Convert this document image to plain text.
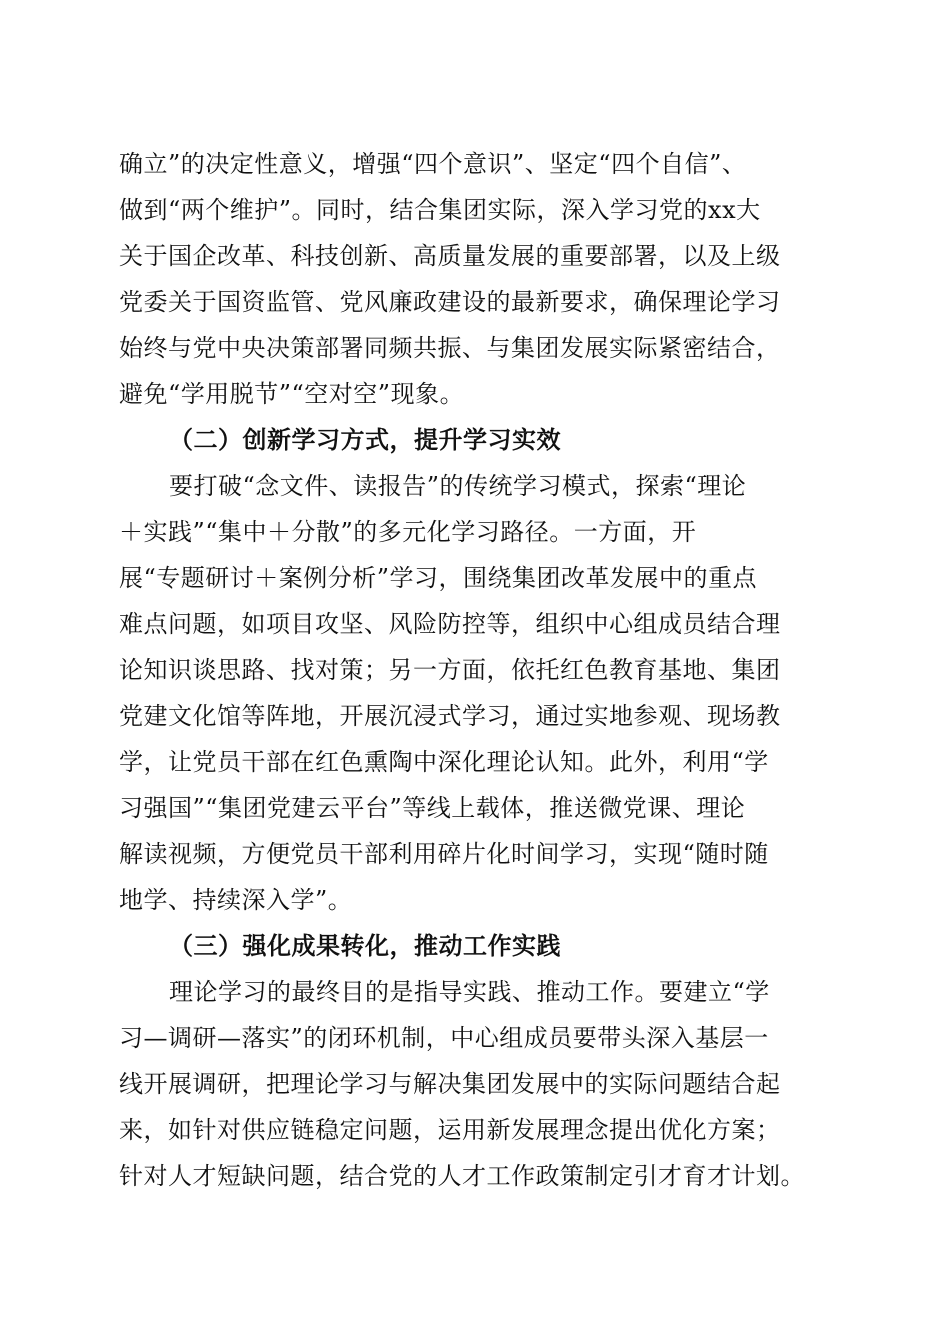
确立”的决定性意义，增强“四个意识”、坚定“四个自信”、
做到“两个维护”。同时，结合集团实际，深入学习党的xx大
关于国企改革、科技创新、高质量发展的重要部署，以及上级
党委关于国资监管、党风廉政建设的最新要求，确保理论学习
始终与党中央决策部署同频共振、与集团发展实际紧密结合，
避免“学用脱节”“空对空”现象。
（二）创新学习方式，提升学习实效
要打破“念文件、读报告”的传统学习模式，探索“理论
＋实践”“集中＋分散”的多元化学习路径。一方面，开
展“专题研讨＋案例分析”学习，围绕集团改革发展中的重点
难点问题，如项目攻坚、风险防控等，组织中心组成员结合理
论知识谈思路、找对策；另一方面，依托红色教育基地、集团
党建文化馆等阵地，开展沉浸式学习，通过实地参观、现场教
学，让党员干部在红色熏陶中深化理论认知。此外，利用“学
习强国”“集团党建云平台”等线上载体，推送微党课、理论
解读视频，方便党员干部利用碎片化时间学习，实现“随时随
地学、持续深入学”。
（三）强化成果转化，推动工作实践
理论学习的最终目的是指导实践、推动工作。要建立“学
习—调研—落实”的闭环机制，中心组成员要带头深入基层一
线开展调研，把理论学习与解决集团发展中的实际问题结合起
来，如针对供应链稳定问题，运用新发展理念提出优化方案；
针对人才短缺问题，结合党的人才工作政策制定引才育才计划。
